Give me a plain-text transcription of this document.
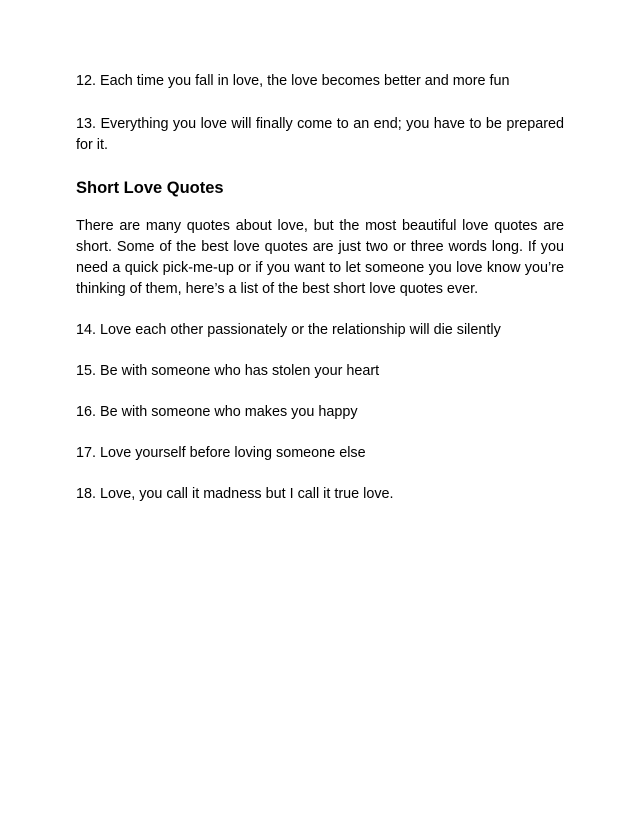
12. Each time you fall in love, the love becomes better and more fun

13. Everything you love will finally come to an end; you have to be prepared for it.

Short Love Quotes

There are many quotes about love, but the most beautiful love quotes are short. Some of the best love quotes are just two or three words long. If you need a quick pick-me-up or if you want to let someone you love know you’re thinking of them, here’s a list of the best short love quotes ever.

14. Love each other passionately or the relationship will die silently

15. Be with someone who has stolen your heart

16. Be with someone who makes you happy

17. Love yourself before loving someone else

18. Love, you call it madness but I call it true love.
